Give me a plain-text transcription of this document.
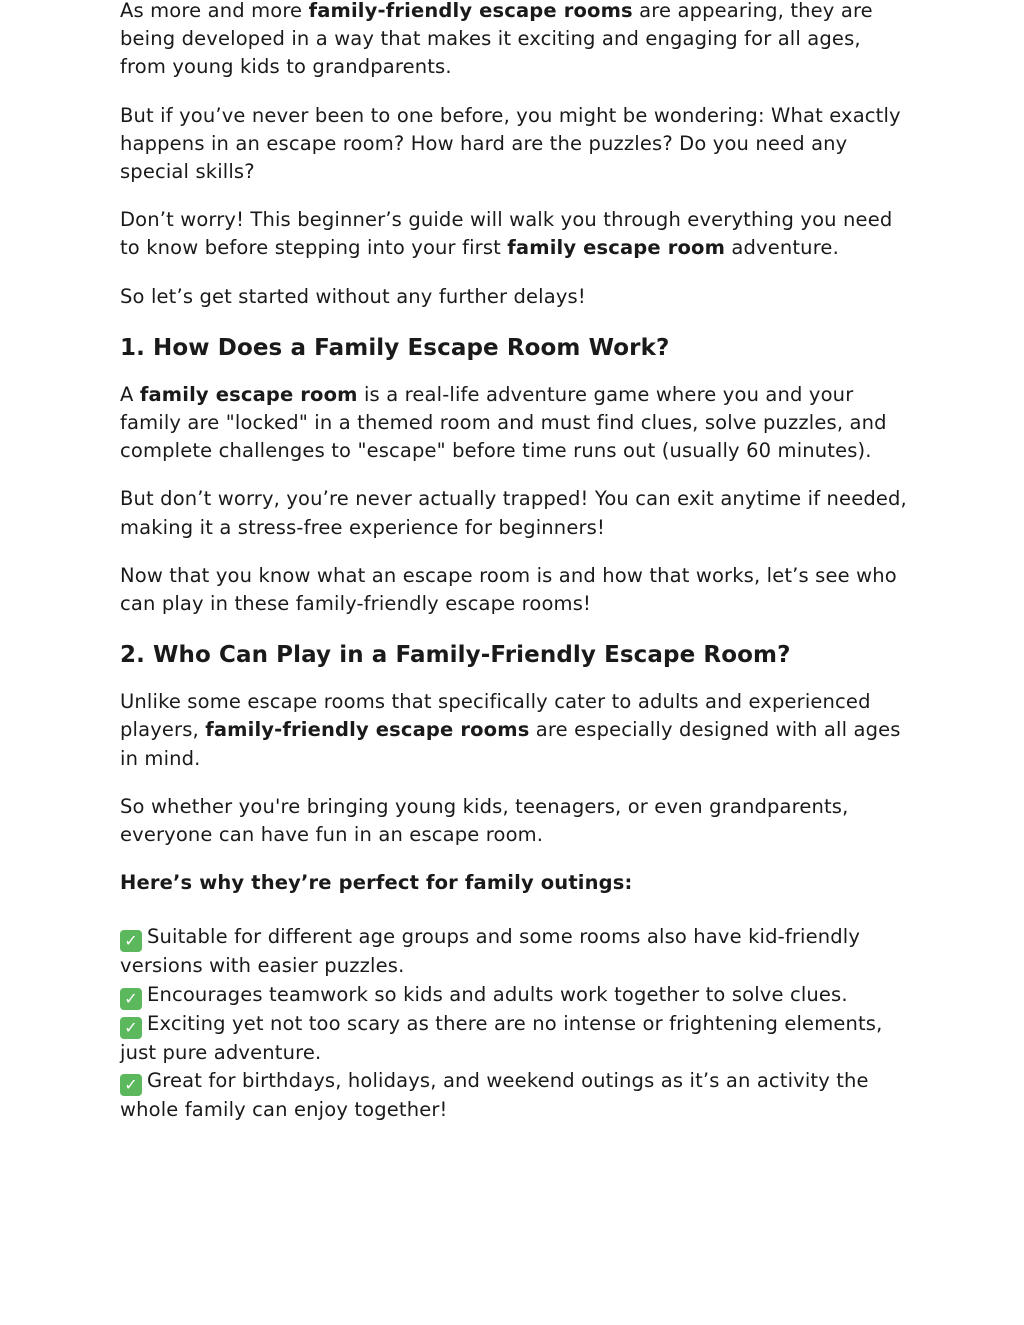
As more and more family-friendly escape rooms are appearing, they are being developed in a way that makes it exciting and engaging for all ages, from young kids to grandparents.

But if you’ve never been to one before, you might be wondering: What exactly happens in an escape room? How hard are the puzzles? Do you need any special skills?

Don’t worry! This beginner’s guide will walk you through everything you need to know before stepping into your first family escape room adventure.

So let’s get started without any further delays!

1. How Does a Family Escape Room Work?

A family escape room is a real-life adventure game where you and your family are "locked" in a themed room and must find clues, solve puzzles, and complete challenges to "escape" before time runs out (usually 60 minutes).

But don’t worry, you’re never actually trapped! You can exit anytime if needed, making it a stress-free experience for beginners!

Now that you know what an escape room is and how that works, let’s see who can play in these family-friendly escape rooms!

2. Who Can Play in a Family-Friendly Escape Room?

Unlike some escape rooms that specifically cater to adults and experienced players, family-friendly escape rooms are especially designed with all ages in mind.

So whether you're bringing young kids, teenagers, or even grandparents, everyone can have fun in an escape room.

Here’s why they’re perfect for family outings:

✓ Suitable for different age groups and some rooms also have kid-friendly versions with easier puzzles.
✓ Encourages teamwork so kids and adults work together to solve clues.
✓ Exciting yet not too scary as there are no intense or frightening elements, just pure adventure.
✓ Great for birthdays, holidays, and weekend outings as it’s an activity the whole family can enjoy together!
